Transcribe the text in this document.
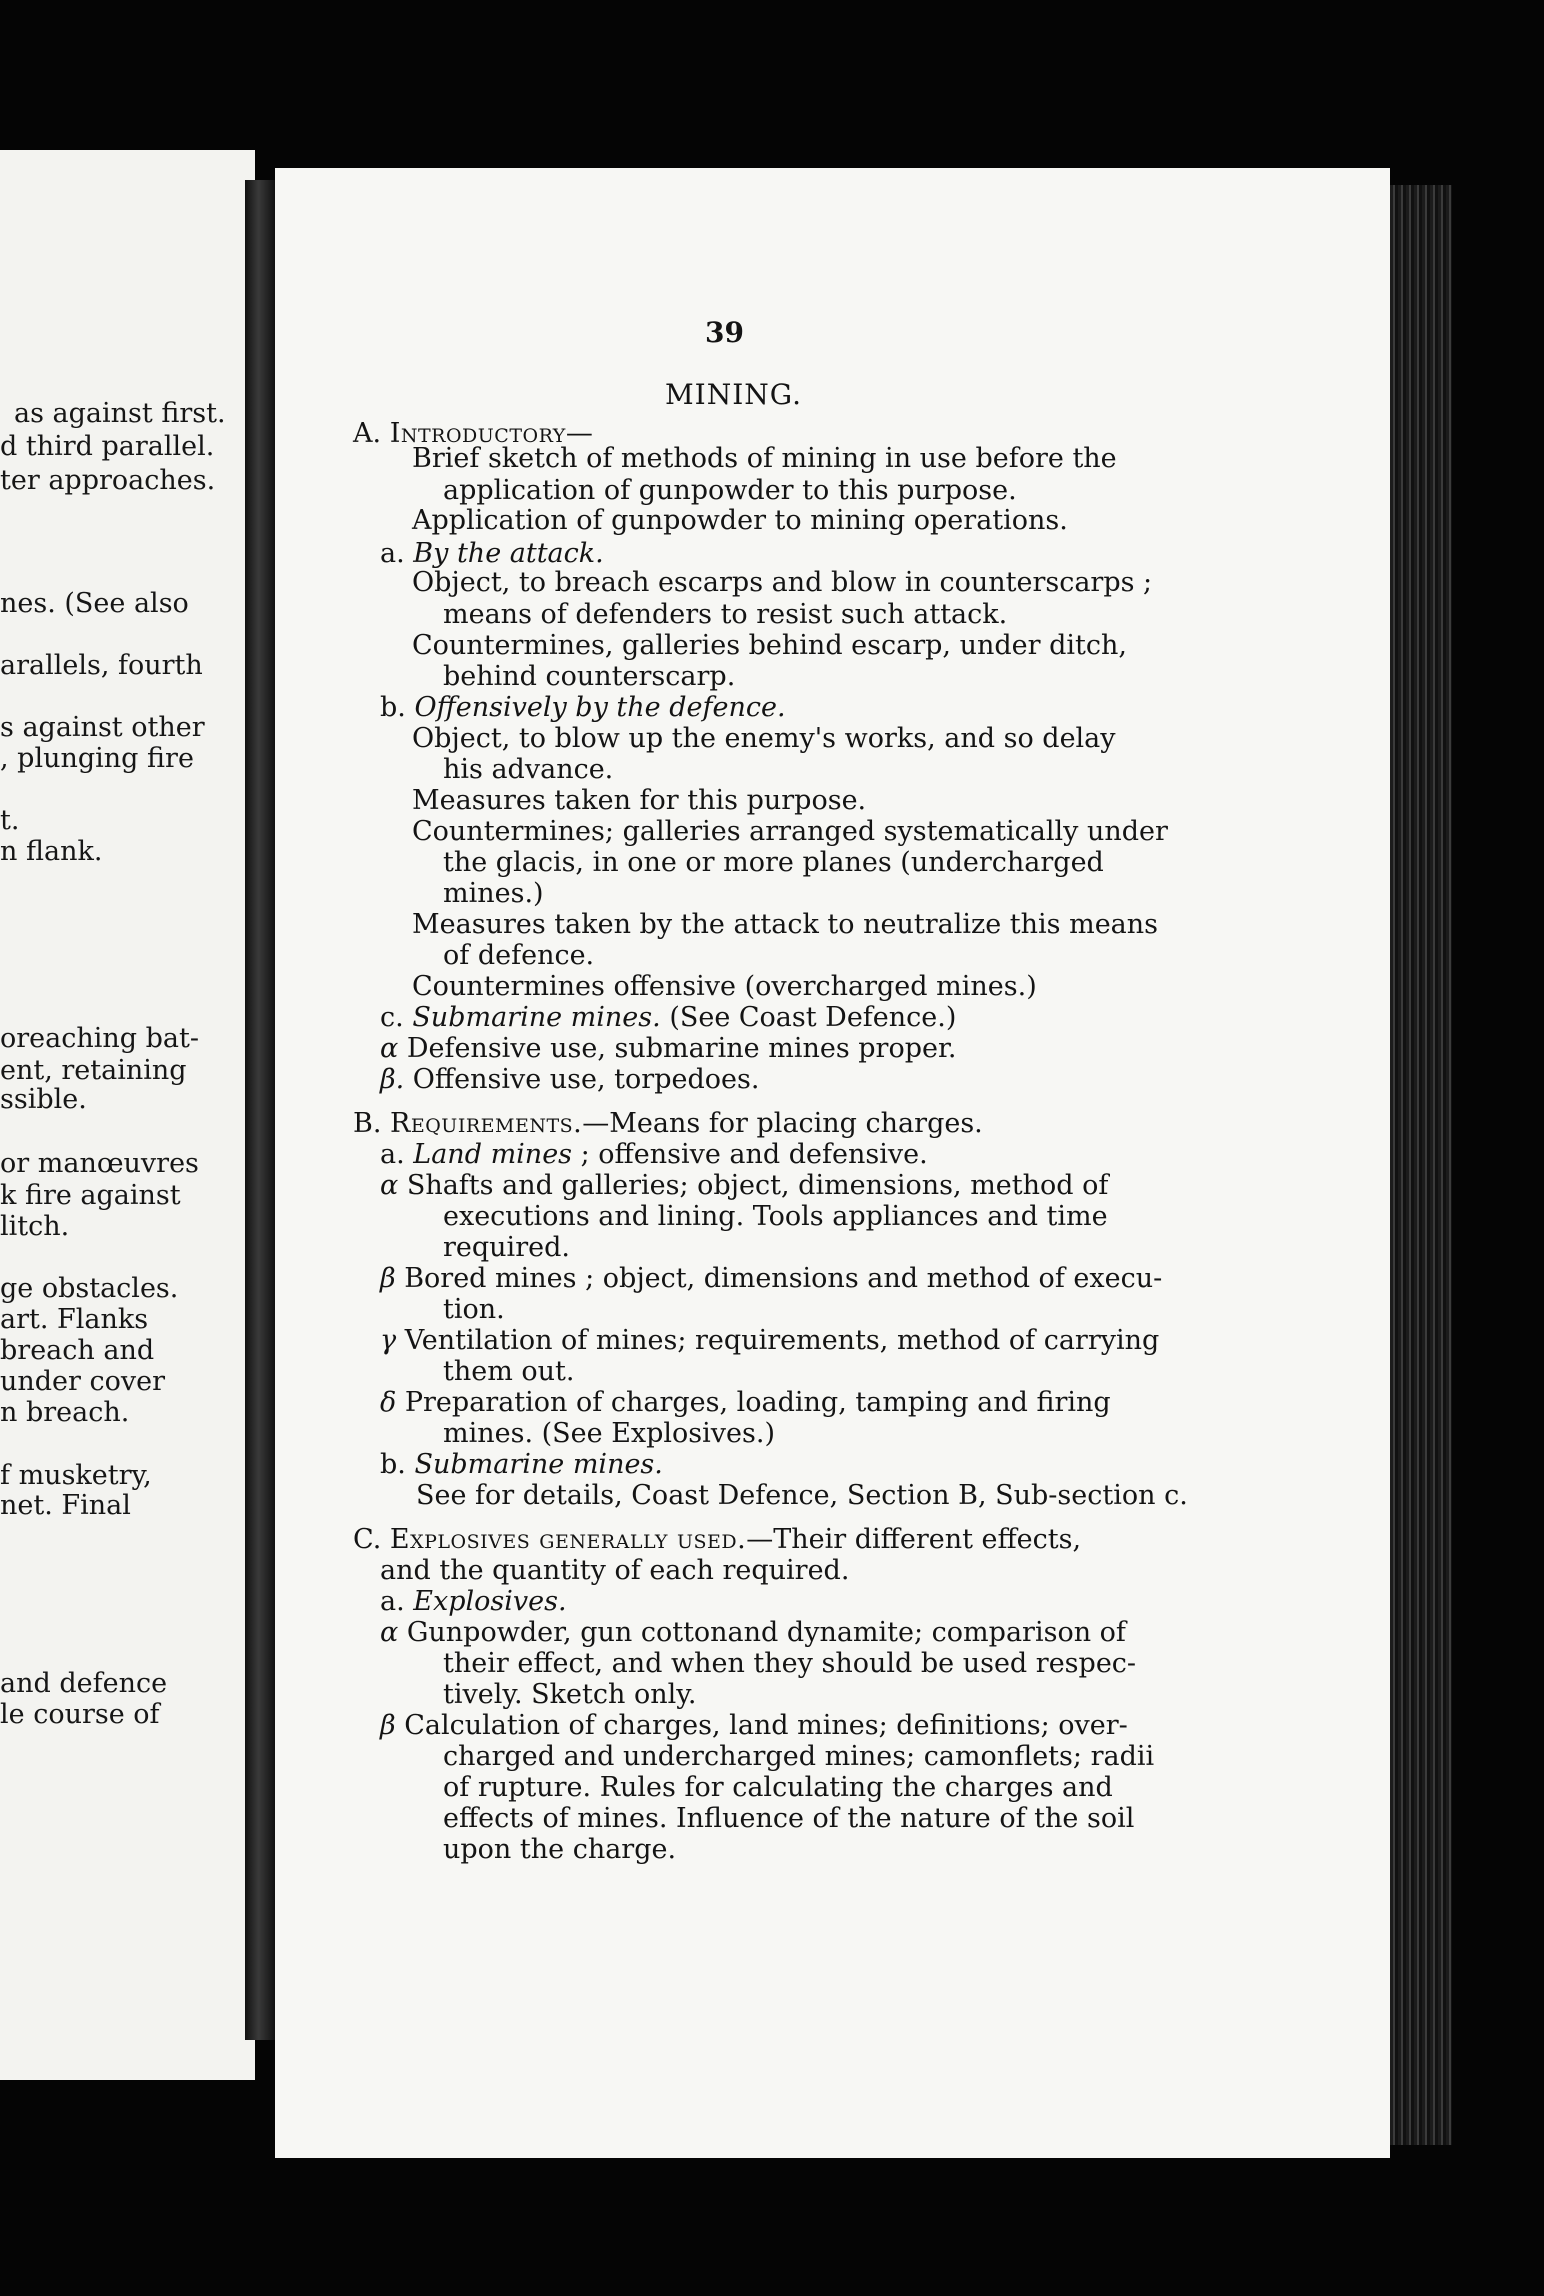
as against first.
d third parallel.
ter approaches.
nes. (See also
arallels, fourth
s against other
, plunging fire
t.
n flank.
oreaching bat-
ent, retaining
ssible.
or manœuvres
k fire against
litch.
ge obstacles.
art. Flanks
breach and
under cover
n breach.
f musketry,
net. Final
and defence
le course of
39
MINING.
A. Introductory—
Brief sketch of methods of mining in use before the
application of gunpowder to this purpose.
Application of gunpowder to mining operations.
a. By the attack.
Object, to breach escarps and blow in counterscarps ;
means of defenders to resist such attack.
Countermines, galleries behind escarp, under ditch,
behind counterscarp.
b. Offensively by the defence.
Object, to blow up the enemy's works, and so delay
his advance.
Measures taken for this purpose.
Countermines; galleries arranged systematically under
the glacis, in one or more planes (undercharged
mines.)
Measures taken by the attack to neutralize this means
of defence.
Countermines offensive (overcharged mines.)
c. Submarine mines. (See Coast Defence.)
α Defensive use, submarine mines proper.
β. Offensive use, torpedoes.
B. Requirements.—Means for placing charges.
a. Land mines ; offensive and defensive.
α Shafts and galleries; object, dimensions, method of
executions and lining. Tools appliances and time
required.
β Bored mines ; object, dimensions and method of execu-
tion.
γ Ventilation of mines; requirements, method of carrying
them out.
δ Preparation of charges, loading, tamping and firing
mines. (See Explosives.)
b. Submarine mines.
See for details, Coast Defence, Section B, Sub-section c.
C. Explosives generally used.—Their different effects,
and the quantity of each required.
a. Explosives.
α Gunpowder, gun cottonand dynamite; comparison of
their effect, and when they should be used respec-
tively. Sketch only.
β Calculation of charges, land mines; definitions; over-
charged and undercharged mines; camonflets; radii
of rupture. Rules for calculating the charges and
effects of mines. Influence of the nature of the soil
upon the charge.
